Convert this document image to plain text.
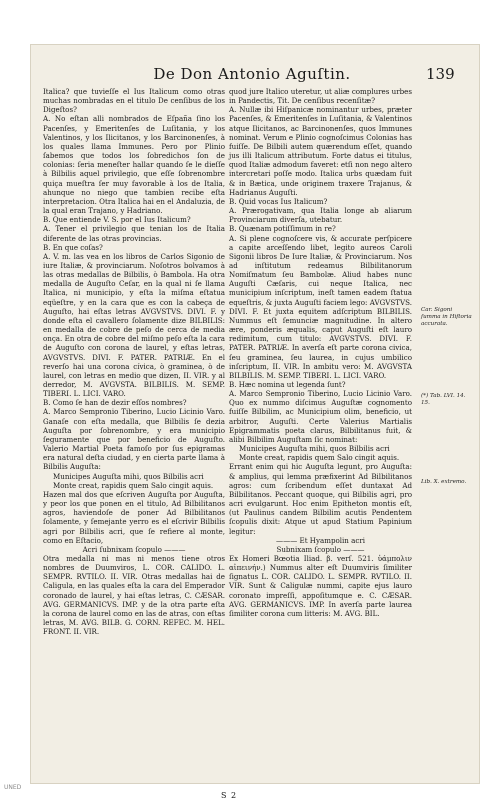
De Don Antonio Aguſtin.	139

Italica? que tuvieſſe el Ius Italicum como otras muchas nombradas en el titulo De cenſibus de los Digeſtos?

A. No eſtan alli nombrados de Eſpaña ſino los Pacenſes, y Emeritenſes de Luſitania, y los Valentinos, y los Ilicitanos, y los Barcinonenſes, à los quales llama Immunes. Pero por Plinio ſabemos que todos los ſobredichos ſon de colonias: ſeria meneſter hallar quando ſe le dieſſe à Bilbilis aquel privilegio, que eſſe ſobrenombre quiça mueſtra ſer muy favorable à los de Italia, ahunque no niego que tambien recibe eſta interpretacion. Otra Italica hai en el Andaluzia, de la qual eran Trajano, y Hadriano.

B. Que entiende V. S. por el Ius Italicum?

A. Tener el privilegio que tenian los de Italia diferente de las otras provincias.

B. En que coſas?

A. V. m. las vea en los libros de Carlos Sigonio de iure Italiæ, & provinciarum. Noſotros bolvamos à las otras medallas de Bilbilis, ò Bambola. Ha otra medalla de Auguſto Ceſar, en la qual ni ſe llama Italica, ni municipio, y eſta la miſma eſtatua eqüeſtre, y en la cara que es con la cabeça de Auguſto, hai eſtas letras AVGVSTVS. DIVI. F. y donde eſta el cavallero ſolamente dize BILBILIS: en medalla de cobre de peſo de cerca de media onça. En otra de cobre del miſmo peſo eſta la cara de Auguſto con corona de laurel, y eſtas letras, AVGVSTVS. DIVI. F. PATER. PATRIÆ. En el reverſo hai una corona cívica, ò graminea, ò de laurel, con letras en medio que dizen, II. VIR. y al derredor, M. AVGVSTA. BILBILIS. M. SEMP. TIBERI. L. LICI. VARO.

B. Como ſe han de dezir eſſos nombres?

A. Marco Sempronio Tiberino, Lucio Licinio Varo. Ganaſe con eſta medalla, que Bilbilis ſe dezia Auguſta por ſobrenombre, y era municipio ſeguramente que por beneficio de Auguſto. Valerio Martial Poeta famoſo por ſus epigramas era natural deſta ciudad, y en cierta parte llama à Bilbilis Auguſta:

Municipes Auguſta mihi, quos Bilbilis acri

Monte creat, rapidis quem Salo cingit aquis.

Hazen mal dos que eſcriven Auguſta por Auguſta, y peor los que ponen en el titulo, Ad Bilbilitanos agros, haviendoſe de poner Ad Bilbilitanos ſolamente, y ſemejante yerro es el eſcrivir Bilbilis agri por Bilbilis acri, que ſe refiere al monte, como en Eſtacio,

Acri ſubnixam ſcopulo ———

Otra medalla ni mas ni menos tiene otros nombres de Duumviros, L. COR. CALIDO. L. SEMPR. RVTILO. II. VIR. Otras medallas hai de Caligula, en las quales eſta la cara del Emperador coronado de laurel, y hai eſtas letras, C. CÆSAR. AVG. GERMANICVS. IMP. y de la otra parte eſta la corona de laurel como en las de atras, con eſtas letras, M. AVG. BILB. G. CORN. REFEC. M. HEL. FRONT. II. VIR.

quod jure Italico uteretur, ut aliæ complures urbes in Pandectis, Tit. De cenſibus recenſitæ?

A. Nullæ ibi Hiſpanicæ nominantur urbes, præter Pacenſes, & Emeritenſes in Luſitania, & Valentinos atque Ilicitanos, ac Barcinonenſes, quos Immunes nominat. Verum e Plinio cognoſcimus Colonias has fuiſſe. De Bilbili autem quærendum eſſet, quando jus illi Italicum attributum. Forte datus ei titulus, quod Italiæ admodum faveret: etſi non nego altero intercretari poſſe modo. Italica urbs quædam fuit & in Bætica, unde originem traxere Trajanus, & Hadrianus Auguſti.

B. Quid vocas Ius Italicum?

A. Prærogativam, qua Italia longe ab aliarum Provinciarum diverſa, utebatur.

B. Quænam potiſſimum in re?

A. Si plene cognoſcere vis, & accurate perſpicere a capite arceſſendo libet, legito aureos Caroli Sigonii libros De Iure Italiæ, & Provinciarum. Nos ad inſtitutum redeamus Bilbilitanorum Nomiſmatum ſeu Bambolæ. Aliud habes nunc Auguſti Cæſaris, cui neque Italica, nec municipium inſcriptum, ineſt tamen eadem ſtatua equeſtris, & juxta Auguſti faciem lego: AVGVSTVS. DIVI. F. Et juxta equitem adſcriptum BILBILIS. Nummus eſt ſemunciæ magnitudine. In altero ære, ponderis æqualis, caput Auguſti eſt lauro redimitum, cum titulo: AVGVSTVS. DIVI. F. PATER. PATRIÆ. In averſa eſt parte corona civica, ſeu graminea, ſeu laurea, in cujus umbilico inſcriptum, II. VIR. In ambitu vero: M. AVGVSTA BILBILIS. M. SEMP. TIBERI. L. LICI. VARO.

B. Hæc nomina ut legenda ſunt?

A. Marco Sempronio Tiberino, Lucio Licinio Varo. Quo ex nummo diſcimus Auguſtæ cognomento fuiſſe Bilbilim, ac Municipium olim, beneficio, ut arbitror, Auguſti. Certe Valerius Martialis Epigrammatis poeta clarus, Bilbilitanus fuit, & alibi Bilbilim Auguſtam ſic nominat:

Municipes Auguſta mihi, quos Bilbilis acri

Monte creat, rapidis quem Salo cingit aquis.

Errant enim qui hic Auguſta legunt, pro Auguſta: & amplius, qui lemma præfixerint Ad Bilbilitanos agros: cum ſcribendum eſſet duntaxat Ad Bilbilitanos. Peccant quoque, qui Bilbilis agri, pro acri evulgarunt. Hoc enim Epitheton montis eſt, (ut Paulinus candem Bilbilim acutis Pendentem ſcopulis dixit: Atque ut apud Statium Papinium legitur:

——— Et Hyampolin acri

Subnixam ſcopulo ———

Ex Homeri Bœotia Iliad. β. verſ. 521. ὑάμπολιν αἰπεινήν.) Nummus alter eſt Duumviris ſimiliter ſignatus L. COR. CALIDO. L. SEMPR. RVTILO. II. VIR. Sunt & Caligulæ nummi, capite ejus lauro coronato impreſſi, appoſitumque e. C. CÆSAR. AVG. GERMANICVS. IMP. In averſa parte laurea ſimiliter corona cum litteris: M. AVG. BIL.

Car. Sigoni ſumma in Hiſtoria accurata.
(*) Tab. LVI. 14. 15.
Lib. X. extremo.
S 2
UNED
